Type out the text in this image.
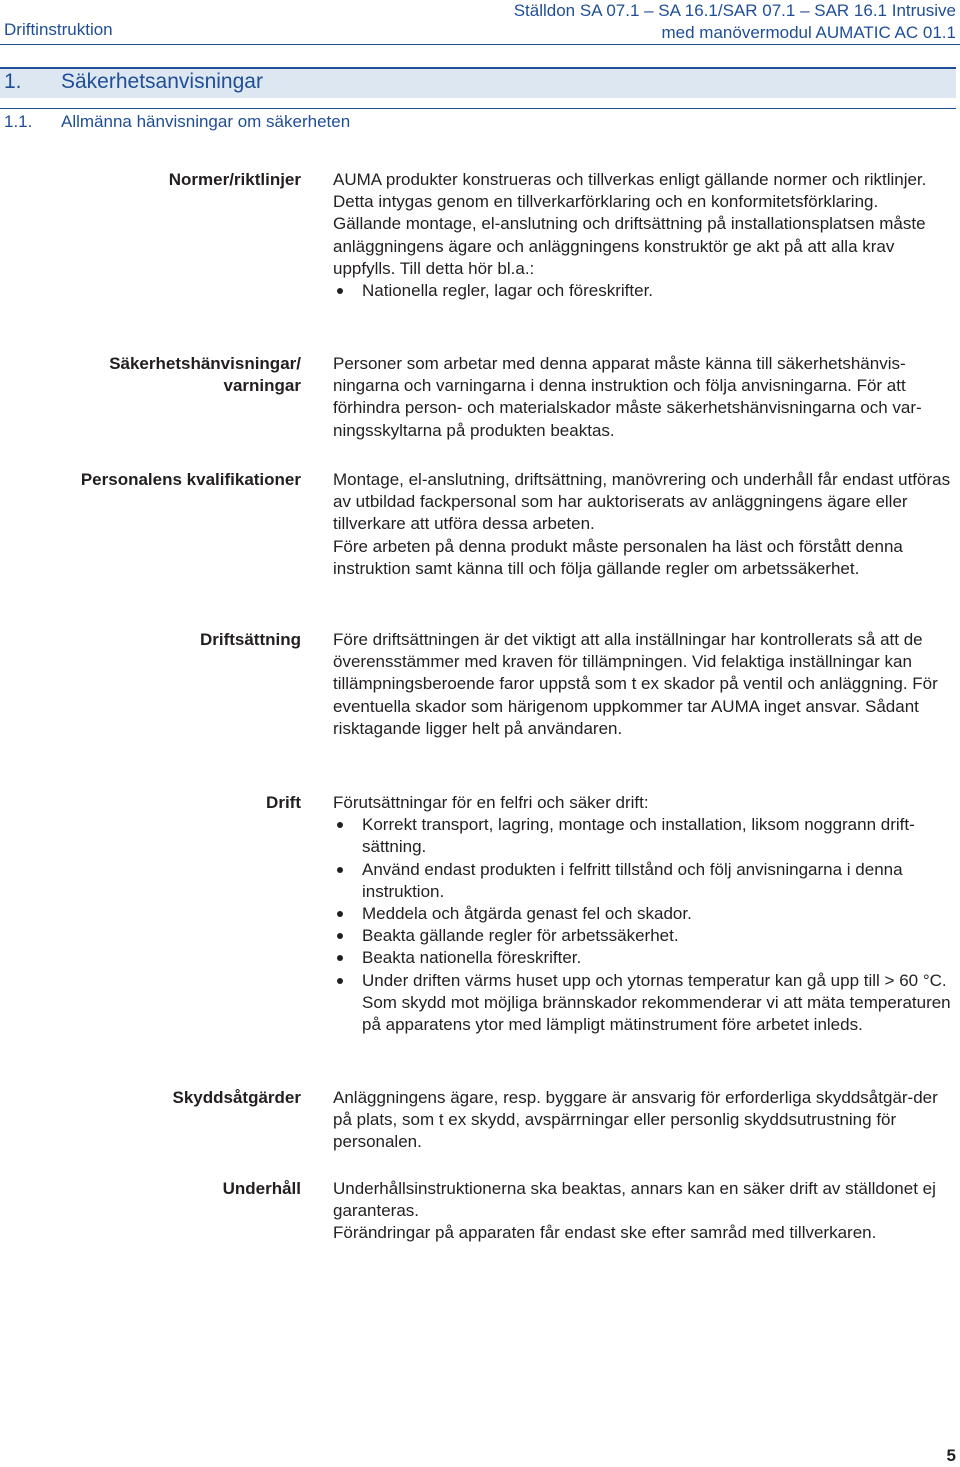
Driftinstruktion
Ställdon SA 07.1 – SA 16.1/SAR 07.1 – SAR 16.1 Intrusive
med manövermodul AUMATIC AC 01.1
1. Säkerhetsanvisningar
1.1. Allmänna hänvisningar om säkerheten
Normer/riktlinjer AUMA produkter konstrueras och tillverkas enligt gällande normer och riktlinjer. Detta intygas genom en tillverkarförklaring och en konformitetsförklaring.

Gällande montage, el-anslutning och driftsättning på installationsplatsen måste anläggningens ägare och anläggningens konstruktör ge akt på att alla krav uppfylls. Till detta hör bl.a.:

Nationella regler, lagar och föreskrifter.
Säkerhetshänvisningar/
varningar

Personer som arbetar med denna apparat måste känna till säkerhetshänvis-ningarna och varningarna i denna instruktion och följa anvisningarna. För att förhindra person- och materialskador måste säkerhetshänvisningarna och var-ningsskyltarna på produkten beaktas.

Personalens kvalifikationer Montage, el-anslutning, driftsättning, manövrering och underhåll får endast utföras av utbildad fackpersonal som har auktoriserats av anläggningens ägare eller tillverkare att utföra dessa arbeten.

Före arbeten på denna produkt måste personalen ha läst och förstått denna instruktion samt känna till och följa gällande regler om arbetssäkerhet.

Driftsättning Före driftsättningen är det viktigt att alla inställningar har kontrollerats så att de överensstämmer med kraven för tillämpningen. Vid felaktiga inställningar kan tillämpningsberoende faror uppstå som t ex skador på ventil och anläggning. För eventuella skador som härigenom uppkommer tar AUMA inget ansvar. Sådant risktagande ligger helt på användaren.

Drift Förutsättningar för en felfri och säker drift:

Korrekt transport, lagring, montage och installation, liksom noggrann drift-sättning.
Använd endast produkten i felfritt tillstånd och följ anvisningarna i denna instruktion.
Meddela och åtgärda genast fel och skador.
Beakta gällande regler för arbetssäkerhet.
Beakta nationella föreskrifter.
Under driften värms huset upp och ytornas temperatur kan gå upp till > 60 °C. Som skydd mot möjliga brännskador rekommenderar vi att mäta temperaturen på apparatens ytor med lämpligt mätinstrument före arbetet inleds.
Skyddsåtgärder Anläggningens ägare, resp. byggare är ansvarig för erforderliga skyddsåtgär-der på plats, som t ex skydd, avspärrningar eller personlig skyddsutrustning för personalen.

Underhåll Underhållsinstruktionerna ska beaktas, annars kan en säker drift av ställdonet ej garanteras.

Förändringar på apparaten får endast ske efter samråd med tillverkaren.

5
